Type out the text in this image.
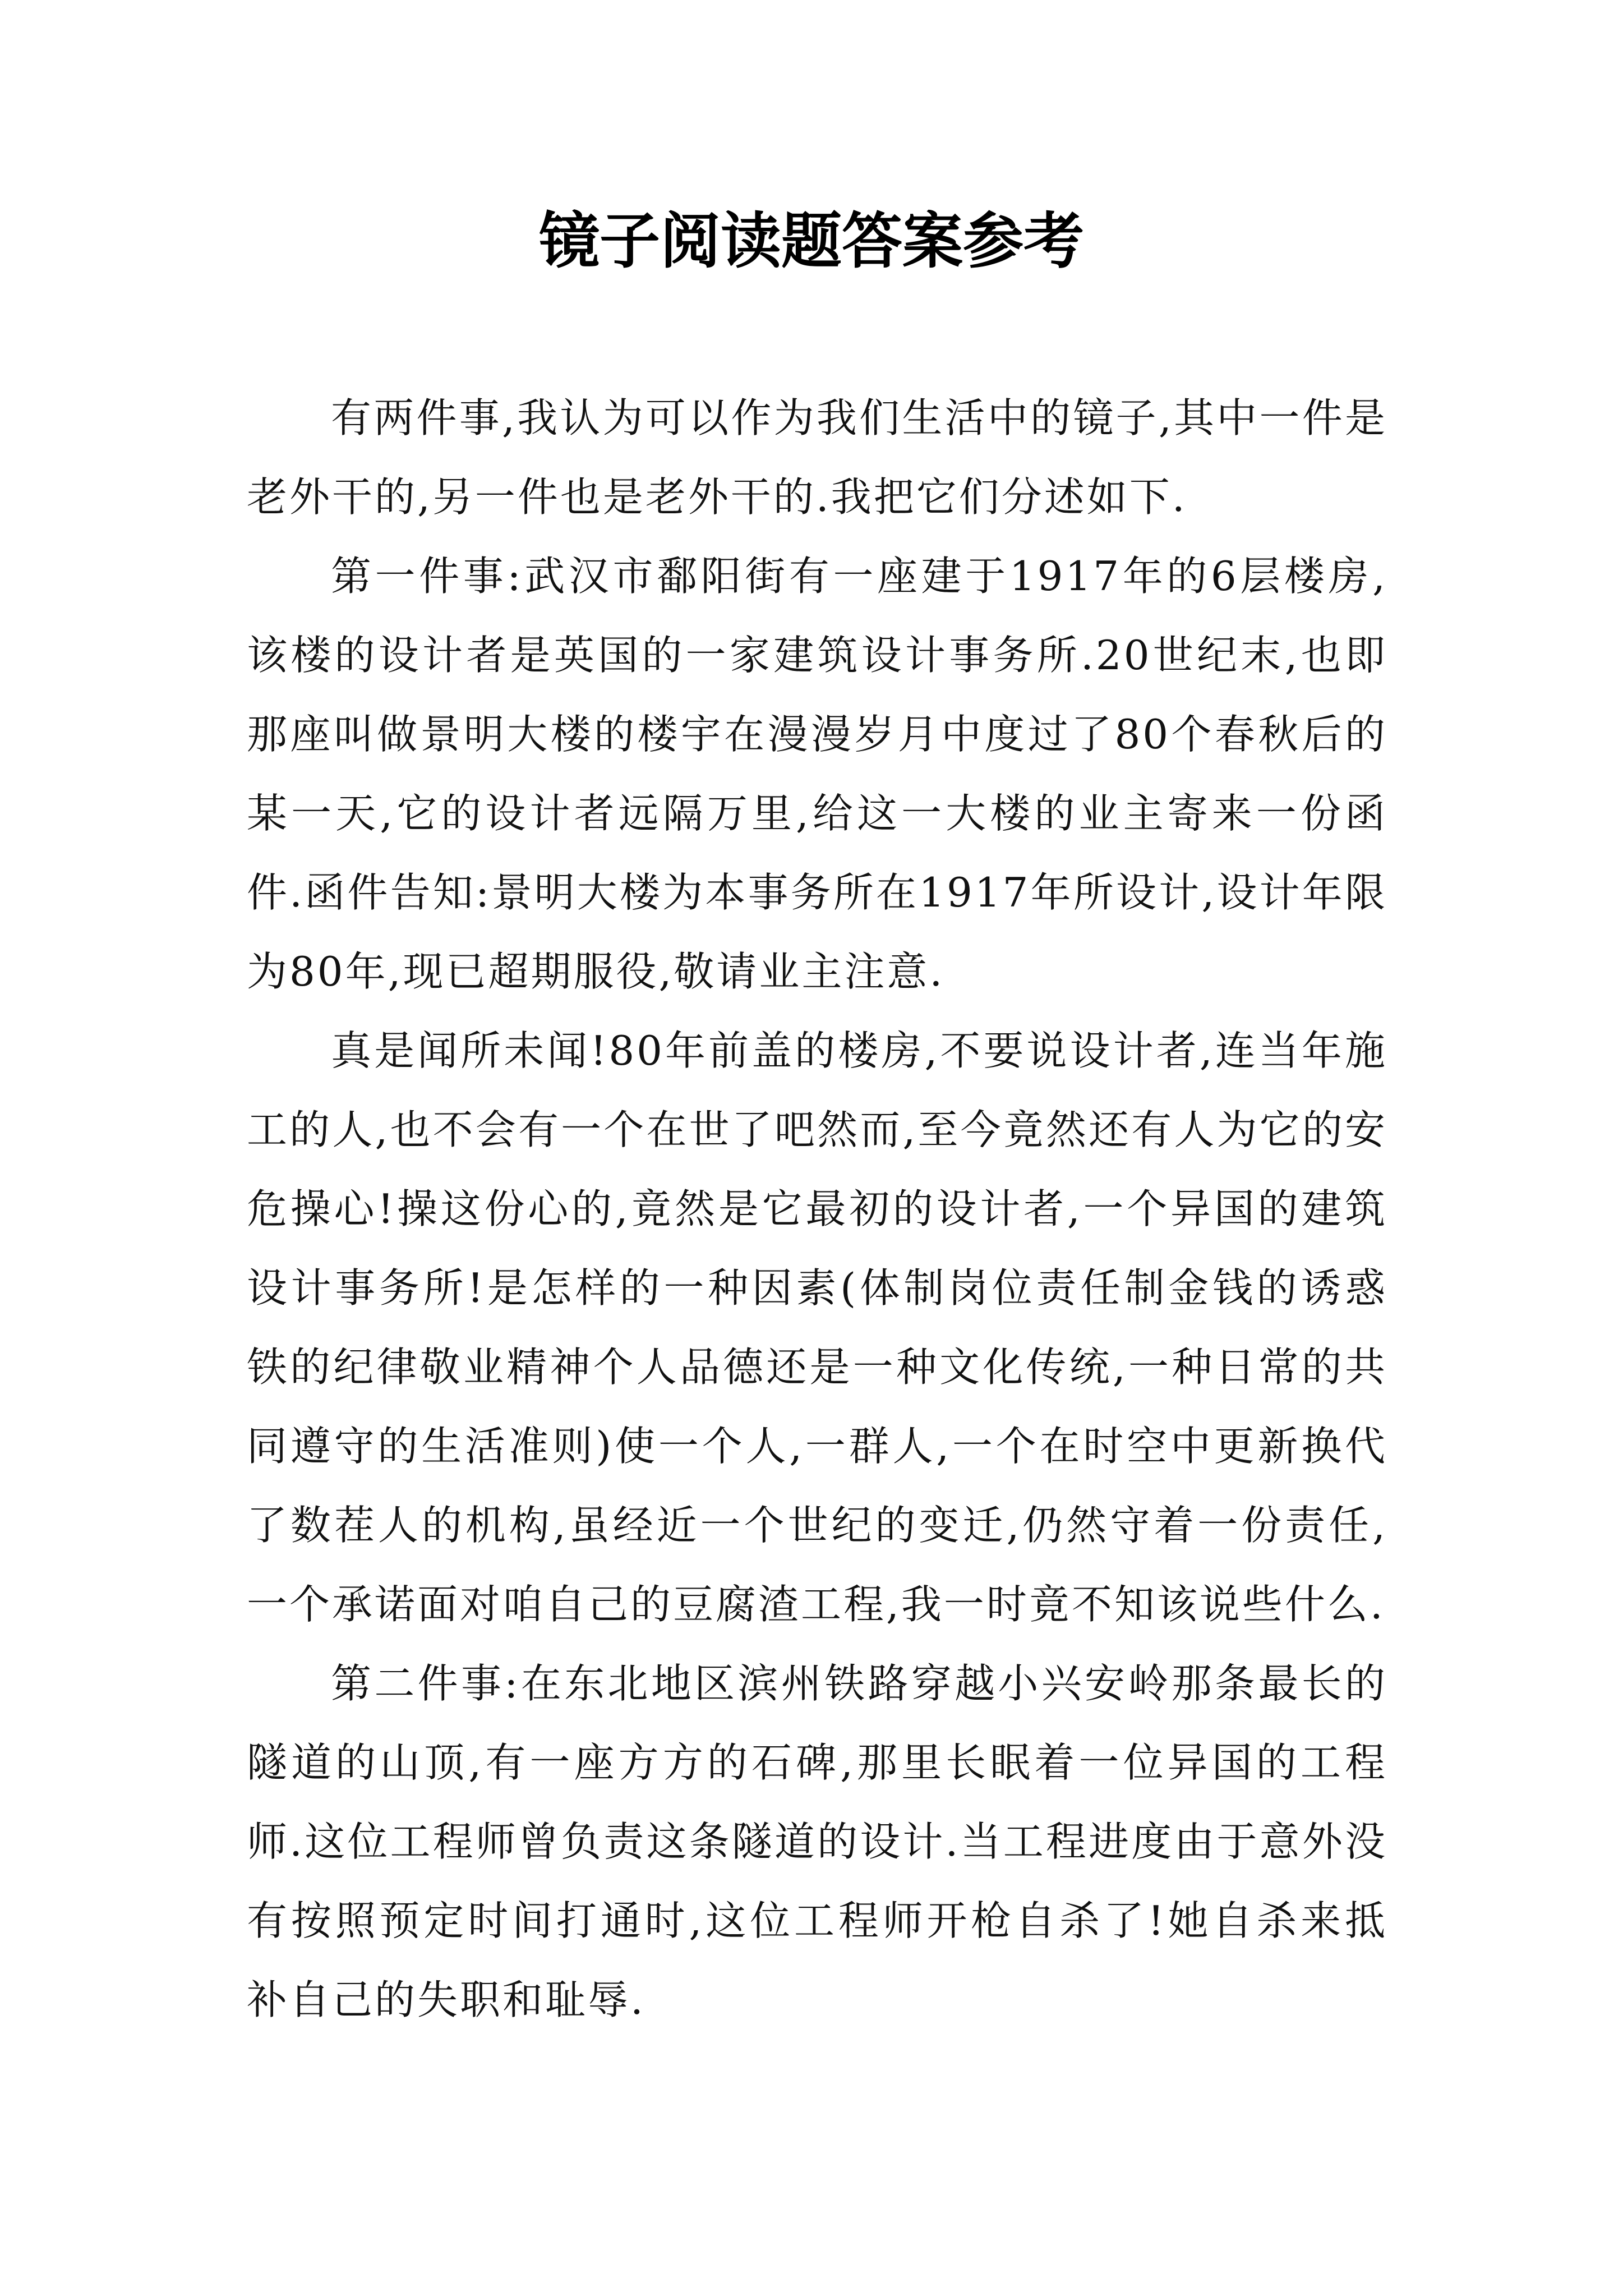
镜子阅读题答案参考

有两件事,我认为可以作为我们生活中的镜子,其中一件是老外干的,另一件也是老外干的.我把它们分述如下.

第一件事:武汉市鄱阳街有一座建于1917年的6层楼房,该楼的设计者是英国的一家建筑设计事务所.20世纪末,也即那座叫做景明大楼的楼宇在漫漫岁月中度过了80个春秋后的某一天,它的设计者远隔万里,给这一大楼的业主寄来一份函件.函件告知:景明大楼为本事务所在1917年所设计,设计年限为80年,现已超期服役,敬请业主注意.

真是闻所未闻!80年前盖的楼房,不要说设计者,连当年施工的人,也不会有一个在世了吧然而,至今竟然还有人为它的安危操心!操这份心的,竟然是它最初的设计者,一个异国的建筑设计事务所!是怎样的一种因素(体制岗位责任制金钱的诱惑铁的纪律敬业精神个人品德还是一种文化传统,一种日常的共同遵守的生活准则)使一个人,一群人,一个在时空中更新换代了数茬人的机构,虽经近一个世纪的变迁,仍然守着一份责任,一个承诺面对咱自己的豆腐渣工程,我一时竟不知该说些什么.

第二件事:在东北地区滨州铁路穿越小兴安岭那条最长的隧道的山顶,有一座方方的石碑,那里长眠着一位异国的工程师.这位工程师曾负责这条隧道的设计.当工程进度由于意外没有按照预定时间打通时,这位工程师开枪自杀了!她自杀来抵补自己的失职和耻辱.
